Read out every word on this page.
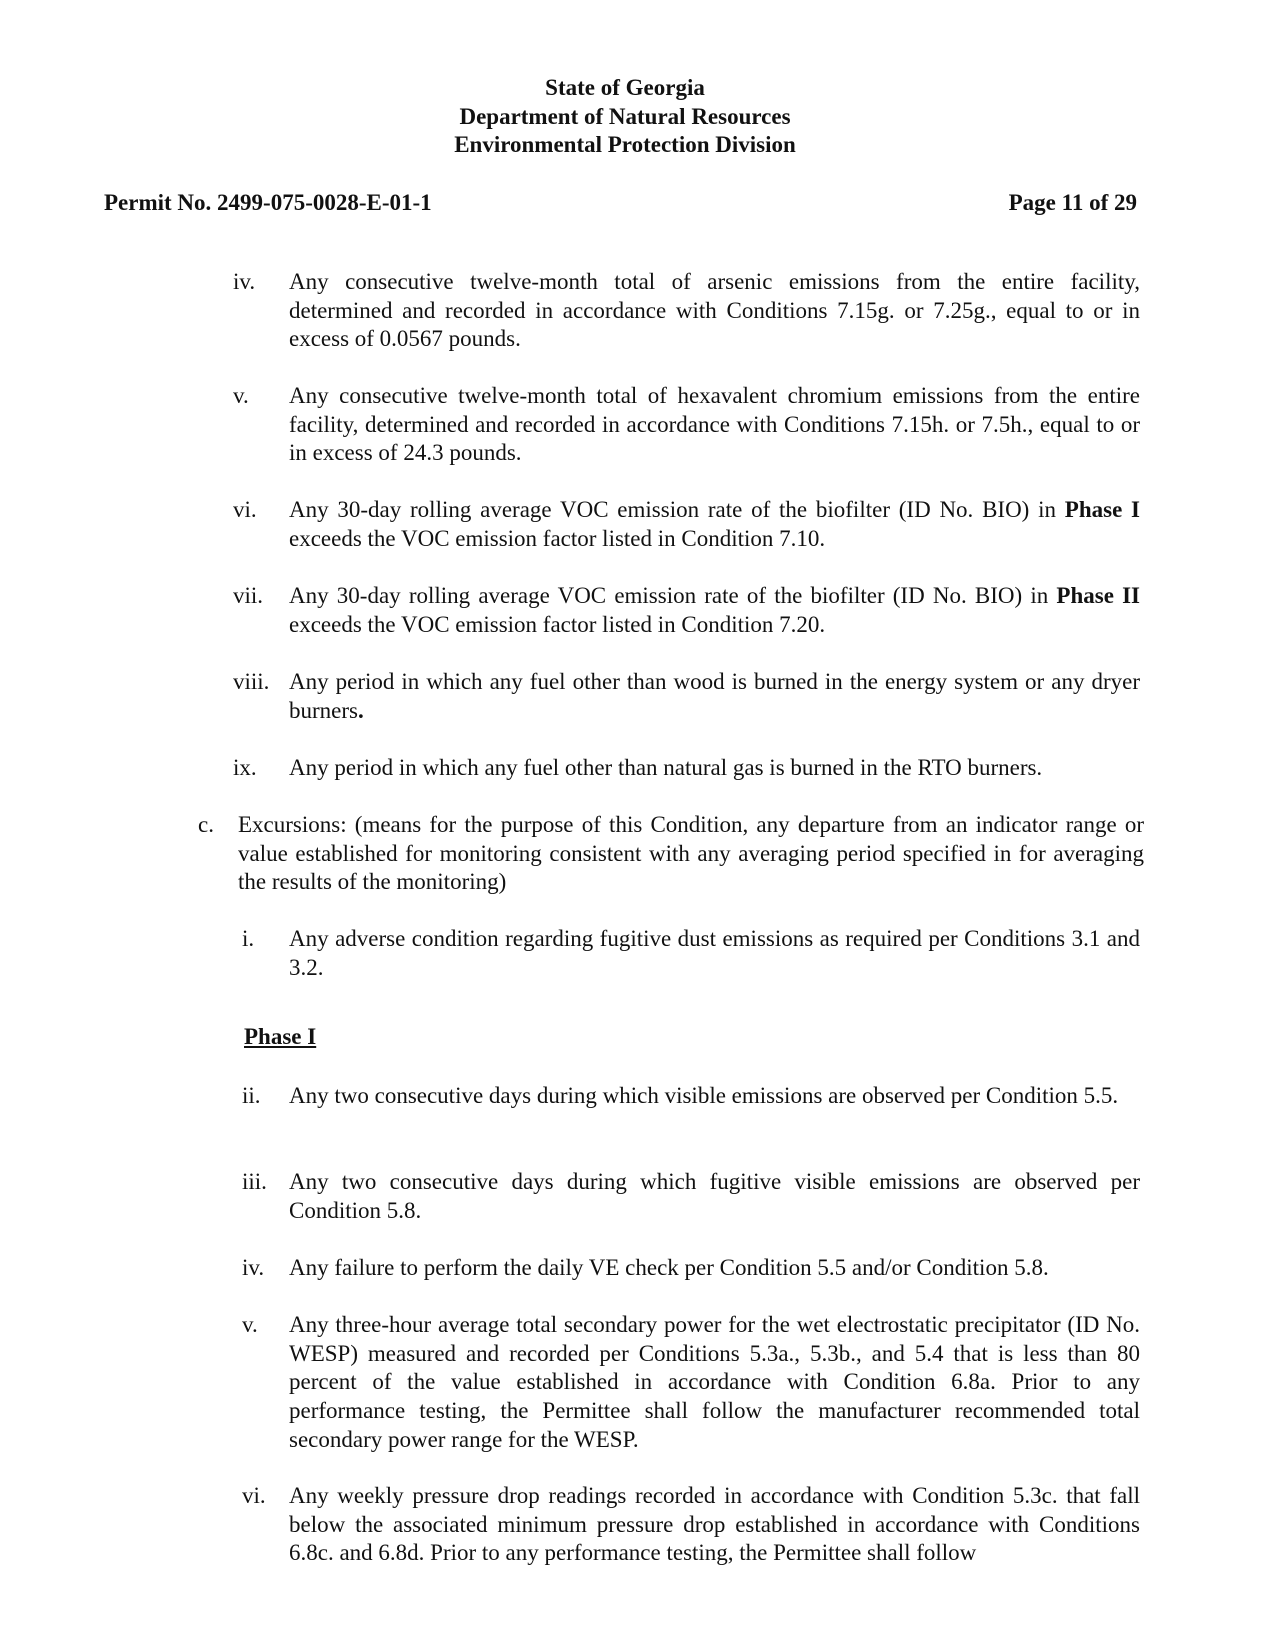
State of Georgia
Department of Natural Resources
Environmental Protection Division
Permit No. 2499-075-0028-E-01-1	Page 11 of 29
iv. Any consecutive twelve-month total of arsenic emissions from the entire facility, determined and recorded in accordance with Conditions 7.15g. or 7.25g., equal to or in excess of 0.0567 pounds.
v. Any consecutive twelve-month total of hexavalent chromium emissions from the entire facility, determined and recorded in accordance with Conditions 7.15h. or 7.5h., equal to or in excess of 24.3 pounds.
vi. Any 30-day rolling average VOC emission rate of the biofilter (ID No. BIO) in Phase I exceeds the VOC emission factor listed in Condition 7.10.
vii. Any 30-day rolling average VOC emission rate of the biofilter (ID No. BIO) in Phase II exceeds the VOC emission factor listed in Condition 7.20.
viii. Any period in which any fuel other than wood is burned in the energy system or any dryer burners.
ix. Any period in which any fuel other than natural gas is burned in the RTO burners.
c. Excursions: (means for the purpose of this Condition, any departure from an indicator range or value established for monitoring consistent with any averaging period specified in for averaging the results of the monitoring)
i. Any adverse condition regarding fugitive dust emissions as required per Conditions 3.1 and 3.2.
Phase I
ii. Any two consecutive days during which visible emissions are observed per Condition 5.5.
iii. Any two consecutive days during which fugitive visible emissions are observed per Condition 5.8.
iv. Any failure to perform the daily VE check per Condition 5.5 and/or Condition 5.8.
v. Any three-hour average total secondary power for the wet electrostatic precipitator (ID No. WESP) measured and recorded per Conditions 5.3a., 5.3b., and 5.4 that is less than 80 percent of the value established in accordance with Condition 6.8a. Prior to any performance testing, the Permittee shall follow the manufacturer recommended total secondary power range for the WESP.
vi. Any weekly pressure drop readings recorded in accordance with Condition 5.3c. that fall below the associated minimum pressure drop established in accordance with Conditions 6.8c. and 6.8d. Prior to any performance testing, the Permittee shall follow
